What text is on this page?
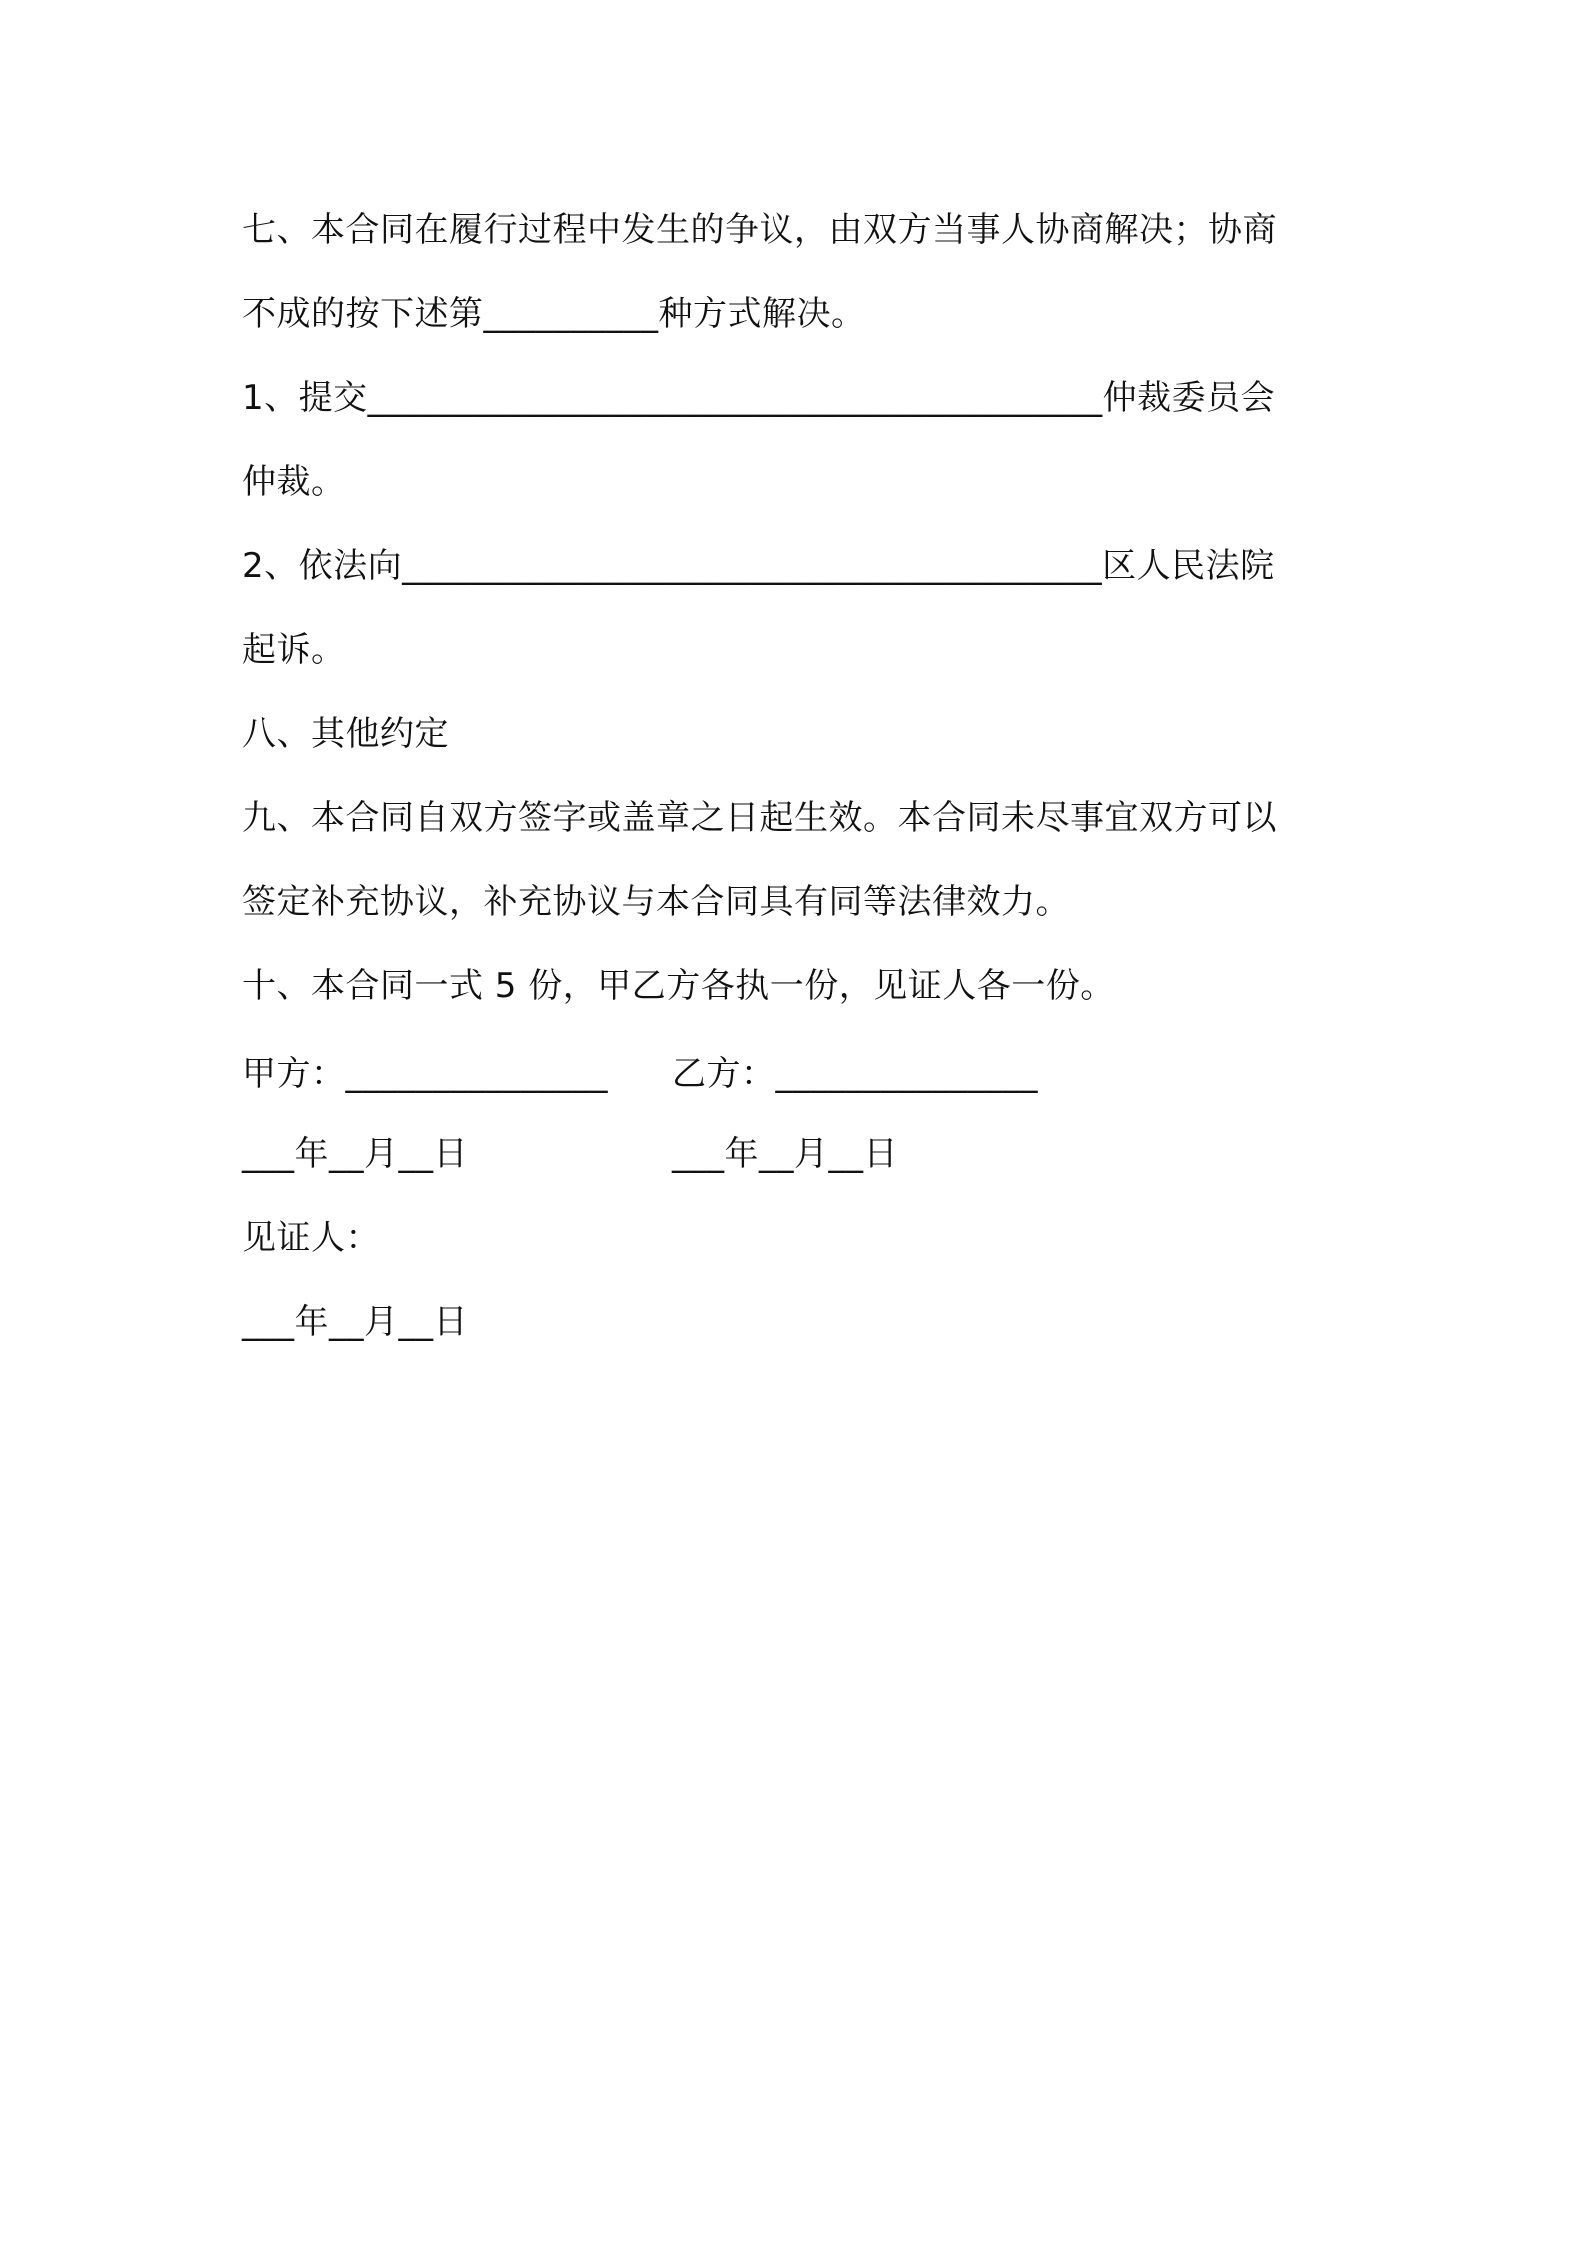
七、本合同在履行过程中发生的争议，由双方当事人协商解决；协商
不成的按下述第__________种方式解决。
1、提交__________________________________________仲裁委员会
仲裁。
2、依法向________________________________________区人民法院
起诉。
八、其他约定
九、本合同自双方签字或盖章之日起生效。本合同未尽事宜双方可以
签定补充协议，补充协议与本合同具有同等法律效力。
十、本合同一式 5 份，甲乙方各执一份，见证人各一份。
甲方：_______________ 乙方：_______________
___年__月__日	___年__月__日
见证人：
___年__月__日
